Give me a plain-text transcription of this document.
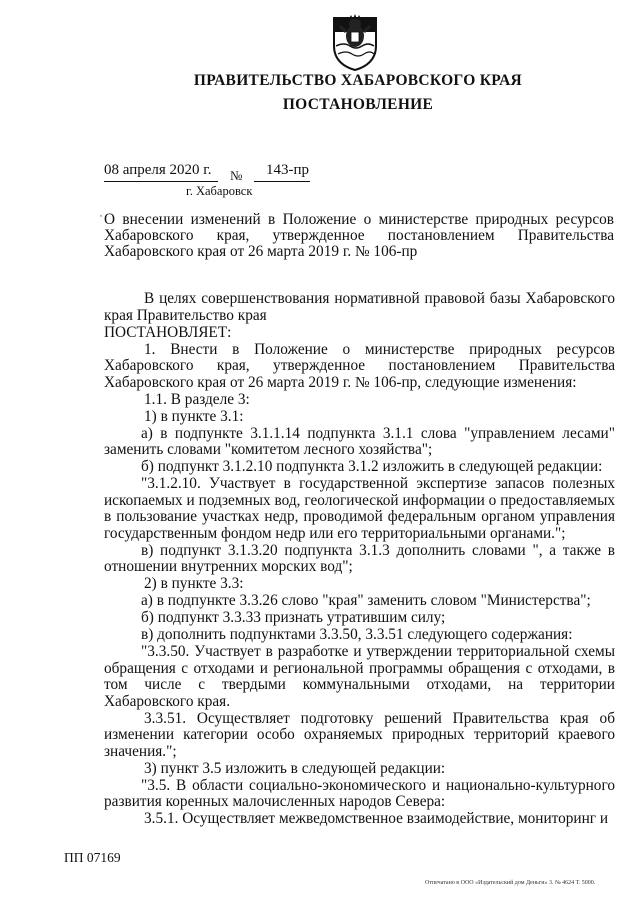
ПРАВИТЕЛЬСТВО ХАБАРОВСКОГО КРАЯ
ПОСТАНОВЛЕНИЕ
08 апреля 2020 г. № 143-пр
г. Хабаровск

˙ О внесении изменений в Положение о министерстве природных ресурсов Хабаровского края, утвержденное постановлением Правительства Хабаровского края от 26 марта 2019 г. № 106-пр

В целях совершенствования нормативной правовой базы Хабаровского края Правительство края

ПОСТАНОВЛЯЕТ:

1. Внести в Положение о министерстве природных ресурсов Хабаровского края, утвержденное постановлением Правительства Хабаровского края от 26 марта 2019 г. № 106-пр, следующие изменения:

1.1. В разделе 3:

1) в пункте 3.1:

а) в подпункте 3.1.1.14 подпункта 3.1.1 слова "управлением лесами" заменить словами "комитетом лесного хозяйства";

б) подпункт 3.1.2.10 подпункта 3.1.2 изложить в следующей редакции:

"3.1.2.10. Участвует в государственной экспертизе запасов полезных ископаемых и подземных вод, геологической информации о предоставляемых в пользование участках недр, проводимой федеральным органом управления государственным фондом недр или его территориальными органами.";

в) подпункт 3.1.3.20 подпункта 3.1.3 дополнить словами ", а также в отношении внутренних морских вод";

2) в пункте 3.3:

а) в подпункте 3.3.26 слово "края" заменить словом "Министерства";

б) подпункт 3.3.33 признать утратившим силу;

в) дополнить подпунктами 3.3.50, 3.3.51 следующего содержания:

"3.3.50. Участвует в разработке и утверждении территориальной схемы обращения с отходами и региональной программы обращения с отходами, в том числе с твердыми коммунальными отходами, на территории Хабаровского края.

3.3.51. Осуществляет подготовку решений Правительства края об изменении категории особо охраняемых природных территорий краевого значения.";

3) пункт 3.5 изложить в следующей редакции:

"3.5. В области социально-экономического и национально-культурного развития коренных малочисленных народов Севера:

3.5.1. Осуществляет межведомственное взаимодействие, мониторинг и

ПП 07169
Отпечатано в ООО «Издательский дом Деньги» 3. № 4624 Т. 5000.
